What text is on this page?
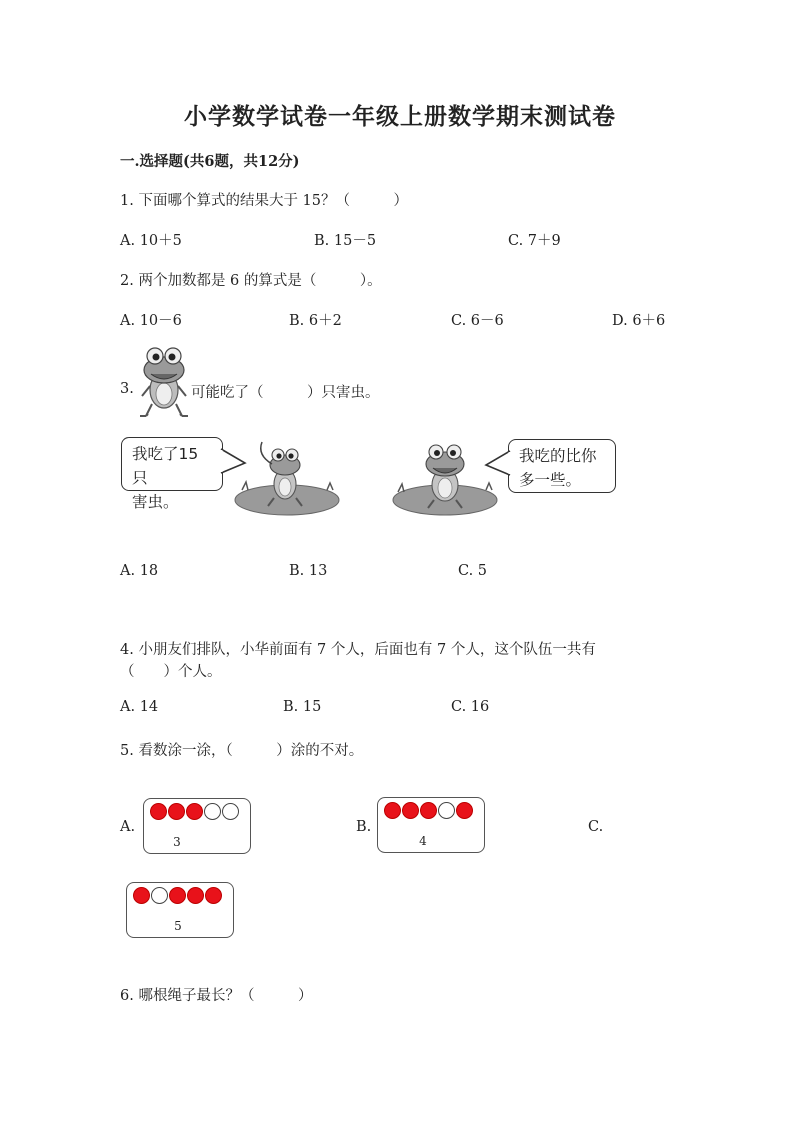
小学数学试卷一年级上册数学期末测试卷
一.选择题(共6题，共12分)
1. 下面哪个算式的结果大于 15？（　　　）
A. 10＋5	B. 15－5	C. 7＋9
2. 两个加数都是 6 的算式是（　　　）。
A. 10－6	B. 6＋2	C. 6－6	D. 6＋6
3.	可能吃了（　　　）只害虫。
我吃了15只
害虫。
我吃的比你
多一些。
A. 18	B. 13	C. 5
4. 小朋友们排队，小华前面有 7 个人，后面也有 7 个人，这个队伍一共有
（　　）个人。
A. 14	B. 15	C. 16
5. 看数涂一涂，（　　　）涂的不对。
A.
3
B.
4
C.
5
6. 哪根绳子最长？（　　　）
